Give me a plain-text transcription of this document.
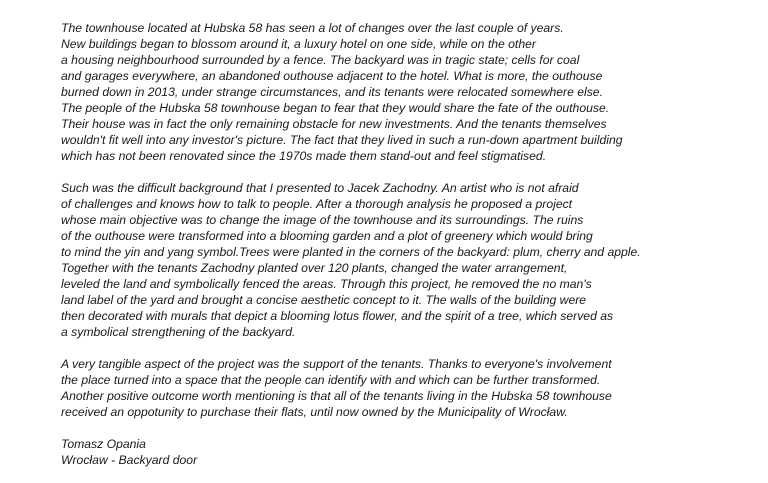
The townhouse located at Hubska 58 has seen a lot of changes over the last couple of years.
New buildings began to blossom around it, a luxury hotel on one side, while on the other
a housing neighbourhood surrounded by a fence. The backyard was in tragic state; cells for coal
and garages everywhere, an abandoned outhouse adjacent to the hotel. What is more, the outhouse
burned down in 2013, under strange circumstances, and its tenants were relocated somewhere else.
The people of the Hubska 58 townhouse began to fear that they would share the fate of the outhouse.
Their house was in fact the only remaining obstacle for new investments. And the tenants themselves
wouldn't fit well into any investor's picture. The fact that they lived in such a run-down apartment building
which has not been renovated since the 1970s made them stand-out and feel stigmatised.

Such was the difficult background that I presented to Jacek Zachodny. An artist who is not afraid
of challenges and knows how to talk to people. After a thorough analysis he proposed a project
whose main objective was to change the image of the townhouse and its surroundings. The ruins
of the outhouse were transformed into a blooming garden and a plot of greenery which would bring
to mind the yin and yang symbol.Trees were planted in the corners of the backyard: plum, cherry and apple.
Together with the tenants Zachodny planted over 120 plants, changed the water arrangement,
leveled the land and symbolically fenced the areas. Through this project, he removed the no man's
land label of the yard and brought a concise aesthetic concept to it. The walls of the building were
then decorated with murals that depict a blooming lotus flower, and the spirit of a tree, which served as
a symbolical strengthening of the backyard.

A very tangible aspect of the project was the support of the tenants. Thanks to everyone's involvement
the place turned into a space that the people can identify with and which can be further transformed.
Another positive outcome worth mentioning is that all of the tenants living in the Hubska 58 townhouse
received an oppotunity to purchase their flats, until now owned by the Municipality of Wrocław.

Tomasz Opania
Wrocław - Backyard door
